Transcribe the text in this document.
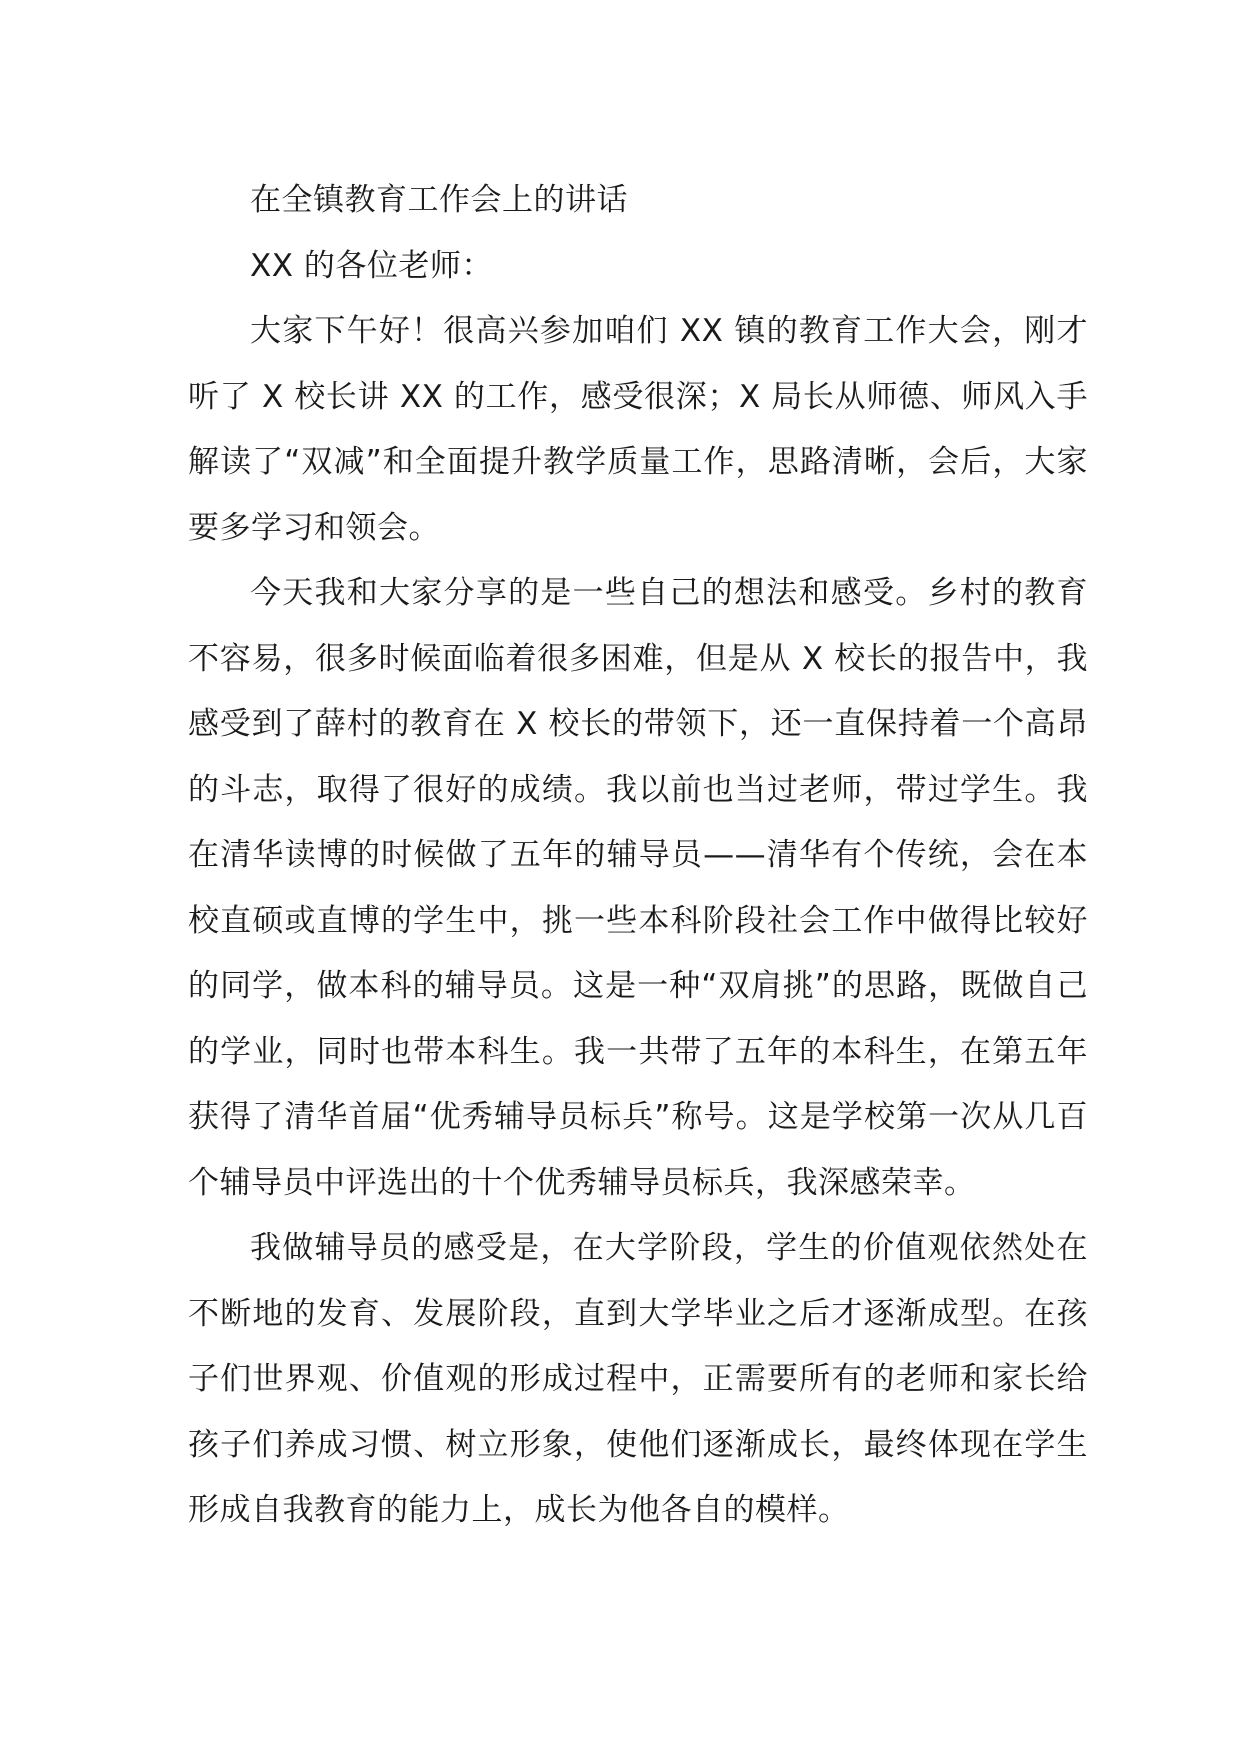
在全镇教育工作会上的讲话

XX 的各位老师：

大家下午好！很高兴参加咱们 XX 镇的教育工作大会，刚才听了 X 校长讲 XX 的工作，感受很深；X 局长从师德、师风入手解读了“双减”和全面提升教学质量工作，思路清晰，会后，大家要多学习和领会。

今天我和大家分享的是一些自己的想法和感受。乡村的教育不容易，很多时候面临着很多困难，但是从 X 校长的报告中，我感受到了薛村的教育在 X 校长的带领下，还一直保持着一个高昂的斗志，取得了很好的成绩。我以前也当过老师，带过学生。我在清华读博的时候做了五年的辅导员——清华有个传统，会在本校直硕或直博的学生中，挑一些本科阶段社会工作中做得比较好的同学，做本科的辅导员。这是一种“双肩挑”的思路，既做自己的学业，同时也带本科生。我一共带了五年的本科生，在第五年获得了清华首届“优秀辅导员标兵”称号。这是学校第一次从几百个辅导员中评选出的十个优秀辅导员标兵，我深感荣幸。

我做辅导员的感受是，在大学阶段，学生的价值观依然处在不断地的发育、发展阶段，直到大学毕业之后才逐渐成型。在孩子们世界观、价值观的形成过程中，正需要所有的老师和家长给孩子们养成习惯、树立形象，使他们逐渐成长，最终体现在学生形成自我教育的能力上，成长为他各自的模样。
